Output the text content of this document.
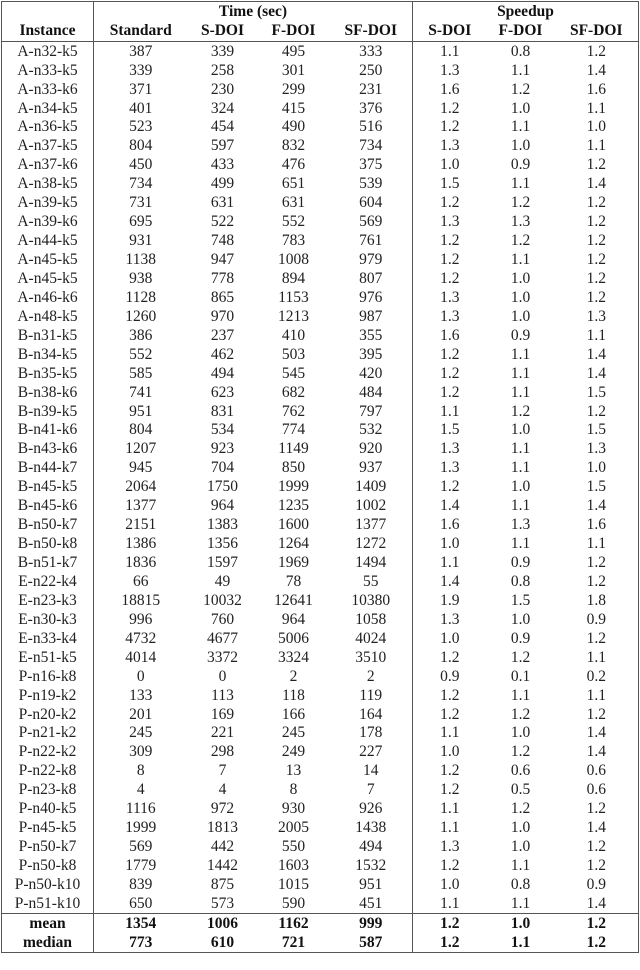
	Time (sec)				Speedup		
Instance	Standard	S-DOI	F-DOI	SF-DOI	S-DOI	F-DOI	SF-DOI
A-n32-k5	387	339	495	333	1.1	0.8	1.2
A-n33-k5	339	258	301	250	1.3	1.1	1.4
A-n33-k6	371	230	299	231	1.6	1.2	1.6
A-n34-k5	401	324	415	376	1.2	1.0	1.1
A-n36-k5	523	454	490	516	1.2	1.1	1.0
A-n37-k5	804	597	832	734	1.3	1.0	1.1
A-n37-k6	450	433	476	375	1.0	0.9	1.2
A-n38-k5	734	499	651	539	1.5	1.1	1.4
A-n39-k5	731	631	631	604	1.2	1.2	1.2
A-n39-k6	695	522	552	569	1.3	1.3	1.2
A-n44-k5	931	748	783	761	1.2	1.2	1.2
A-n45-k5	1138	947	1008	979	1.2	1.1	1.2
A-n45-k5	938	778	894	807	1.2	1.0	1.2
A-n46-k6	1128	865	1153	976	1.3	1.0	1.2
A-n48-k5	1260	970	1213	987	1.3	1.0	1.3
B-n31-k5	386	237	410	355	1.6	0.9	1.1
B-n34-k5	552	462	503	395	1.2	1.1	1.4
B-n35-k5	585	494	545	420	1.2	1.1	1.4
B-n38-k6	741	623	682	484	1.2	1.1	1.5
B-n39-k5	951	831	762	797	1.1	1.2	1.2
B-n41-k6	804	534	774	532	1.5	1.0	1.5
B-n43-k6	1207	923	1149	920	1.3	1.1	1.3
B-n44-k7	945	704	850	937	1.3	1.1	1.0
B-n45-k5	2064	1750	1999	1409	1.2	1.0	1.5
B-n45-k6	1377	964	1235	1002	1.4	1.1	1.4
B-n50-k7	2151	1383	1600	1377	1.6	1.3	1.6
B-n50-k8	1386	1356	1264	1272	1.0	1.1	1.1
B-n51-k7	1836	1597	1969	1494	1.1	0.9	1.2
E-n22-k4	66	49	78	55	1.4	0.8	1.2
E-n23-k3	18815	10032	12641	10380	1.9	1.5	1.8
E-n30-k3	996	760	964	1058	1.3	1.0	0.9
E-n33-k4	4732	4677	5006	4024	1.0	0.9	1.2
E-n51-k5	4014	3372	3324	3510	1.2	1.2	1.1
P-n16-k8	0	0	2	2	0.9	0.1	0.2
P-n19-k2	133	113	118	119	1.2	1.1	1.1
P-n20-k2	201	169	166	164	1.2	1.2	1.2
P-n21-k2	245	221	245	178	1.1	1.0	1.4
P-n22-k2	309	298	249	227	1.0	1.2	1.4
P-n22-k8	8	7	13	14	1.2	0.6	0.6
P-n23-k8	4	4	8	7	1.2	0.5	0.6
P-n40-k5	1116	972	930	926	1.1	1.2	1.2
P-n45-k5	1999	1813	2005	1438	1.1	1.0	1.4
P-n50-k7	569	442	550	494	1.3	1.0	1.2
P-n50-k8	1779	1442	1603	1532	1.2	1.1	1.2
P-n50-k10	839	875	1015	951	1.0	0.8	0.9
P-n51-k10	650	573	590	451	1.1	1.1	1.4
mean	1354	1006	1162	999	1.2	1.0	1.2
median	773	610	721	587	1.2	1.1	1.2
